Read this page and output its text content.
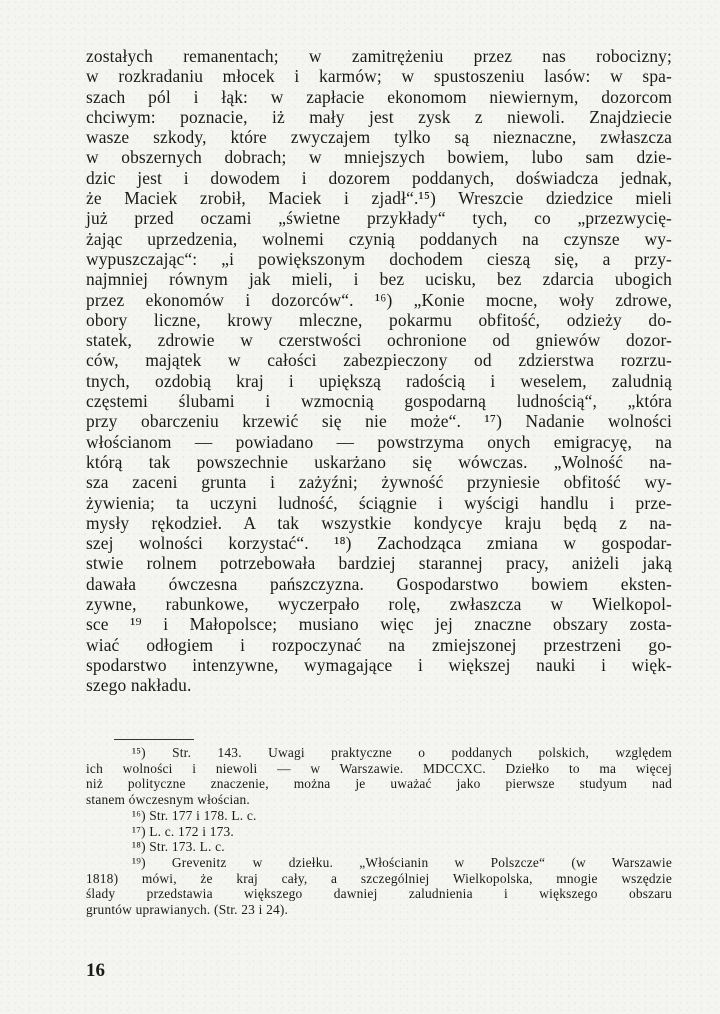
zostałych remanentach; w zamitrężeniu przez nas robocizny;
w rozkradaniu młocek i karmów; w spustoszeniu lasów: w spa-
szach pól i łąk: w zapłacie ekonomom niewiernym, dozorcom
chciwym: poznacie, iż mały jest zysk z niewoli. Znajdziecie
wasze szkody, które zwyczajem tylko są nieznaczne, zwłaszcza
w obszernych dobrach; w mniejszych bowiem, lubo sam dzie-
dzic jest i dowodem i dozorem poddanych, doświadcza jednak,
że Maciek zrobił, Maciek i zjadł“.¹⁵) Wreszcie dziedzice mieli
już przed oczami „świetne przykłady“ tych, co „przezwycię-
żając uprzedzenia, wolnemi czynią poddanych na czynsze wy-
wypuszczając“: „i powiększonym dochodem cieszą się, a przy-
najmniej równym jak mieli, i bez ucisku, bez zdarcia ubogich
przez ekonomów i dozorców“. ¹⁶) „Konie mocne, woły zdrowe,
obory liczne, krowy mleczne, pokarmu obfitość, odzieży do-
statek, zdrowie w czerstwości ochronione od gniewów dozor-
ców, majątek w całości zabezpieczony od zdzierstwa rozrzu-
tnych, ozdobią kraj i upiększą radością i weselem, zaludnią
częstemi ślubami i wzmocnią gospodarną ludnością“, „która
przy obarczeniu krzewić się nie może“. ¹⁷) Nadanie wolności
włościanom — powiadano — powstrzyma onych emigracyę, na
którą tak powszechnie uskarżano się wówczas. „Wolność na-
sza zaceni grunta i zażyźni; żywność przyniesie obfitość wy-
żywienia; ta uczyni ludność, ściągnie i wyścigi handlu i prze-
mysły rękodzieł. A tak wszystkie kondycye kraju będą z na-
szej wolności korzystać“. ¹⁸) Zachodząca zmiana w gospodar-
stwie rolnem potrzebowała bardziej starannej pracy, aniżeli jaką
dawała ówczesna pańszczyzna. Gospodarstwo bowiem eksten-
zywne, rabunkowe, wyczerpało rolę, zwłaszcza w Wielkopol-
sce ¹⁹ i Małopolsce; musiano więc jej znaczne obszary zosta-
wiać odłogiem i rozpoczynać na zmiejszonej przestrzeni go-
spodarstwo intenzywne, wymagające i większej nauki i więk-
szego nakładu.
¹⁵) Str. 143. Uwagi praktyczne o poddanych polskich, względem
ich wolności i niewoli — w Warszawie. MDCCXC. Dziełko to ma więcej
niż polityczne znaczenie, można je uważać jako pierwsze studyum nad
stanem ówczesnym włościan.
¹⁶) Str. 177 i 178. L. c.
¹⁷) L. c. 172 i 173.
¹⁸) Str. 173. L. c.
¹⁹) Grevenitz w dziełku. „Włościanin w Polszcze“ (w Warszawie
1818) mówi, że kraj cały, a szczególniej Wielkopolska, mnogie wszędzie
ślady przedstawia większego dawniej zaludnienia i większego obszaru
gruntów uprawianych. (Str. 23 i 24).
16
